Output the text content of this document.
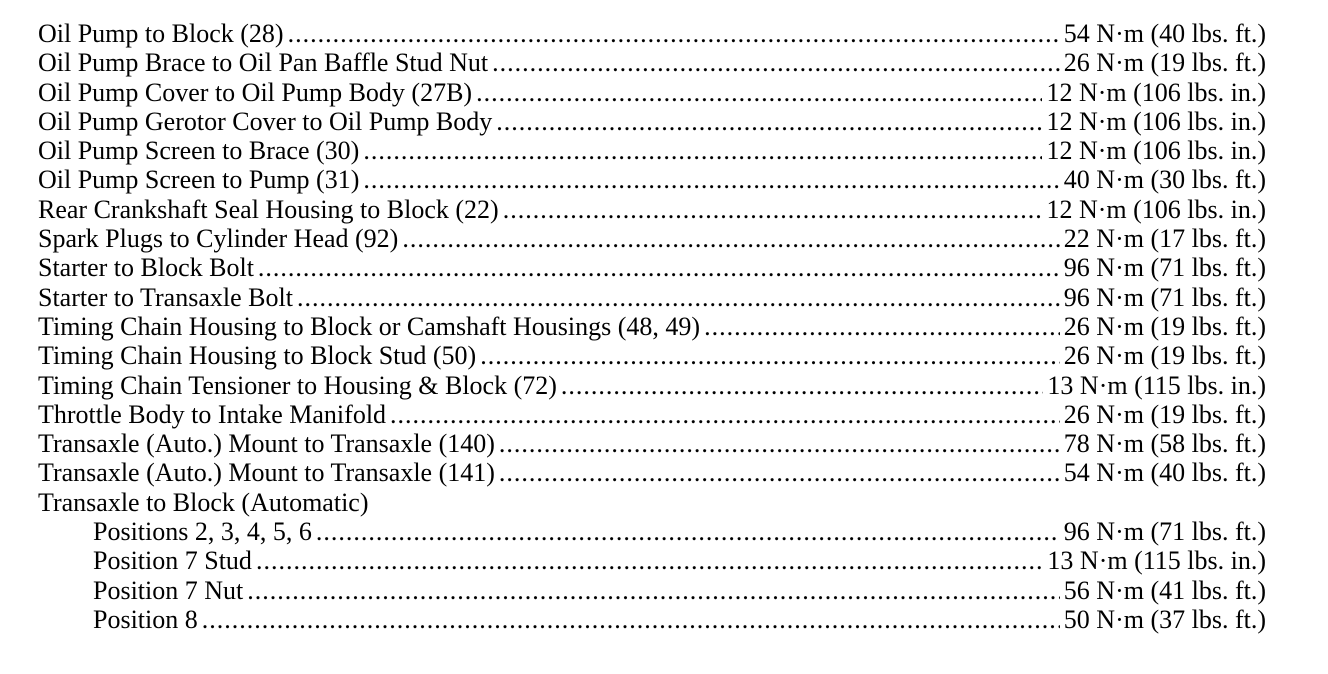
Oil Pump to Block (28) .....	54 N·m (40 lbs. ft.)
Oil Pump Brace to Oil Pan Baffle Stud Nut .....	26 N·m (19 lbs. ft.)
Oil Pump Cover to Oil Pump Body (27B) .....	12 N·m (106 lbs. in.)
Oil Pump Gerotor Cover to Oil Pump Body .....	12 N·m (106 lbs. in.)
Oil Pump Screen to Brace (30) .....	12 N·m (106 lbs. in.)
Oil Pump Screen to Pump (31) .....	40 N·m (30 lbs. ft.)
Rear Crankshaft Seal Housing to Block (22) .....	12 N·m (106 lbs. in.)
Spark Plugs to Cylinder Head (92) .....	22 N·m (17 lbs. ft.)
Starter to Block Bolt .....	96 N·m (71 lbs. ft.)
Starter to Transaxle Bolt .....	96 N·m (71 lbs. ft.)
Timing Chain Housing to Block or Camshaft Housings (48, 49) .....	26 N·m (19 lbs. ft.)
Timing Chain Housing to Block Stud (50) .....	26 N·m (19 lbs. ft.)
Timing Chain Tensioner to Housing & Block (72) .....	13 N·m (115 lbs. in.)
Throttle Body to Intake Manifold .....	26 N·m (19 lbs. ft.)
Transaxle (Auto.) Mount to Transaxle (140) .....	78 N·m (58 lbs. ft.)
Transaxle (Auto.) Mount to Transaxle (141) .....	54 N·m (40 lbs. ft.)
Transaxle to Block (Automatic)
Positions 2, 3, 4, 5, 6 .....	96 N·m (71 lbs. ft.)
Position 7 Stud .....	13 N·m (115 lbs. in.)
Position 7 Nut .....	56 N·m (41 lbs. ft.)
Position 8 .....	50 N·m (37 lbs. ft.)
